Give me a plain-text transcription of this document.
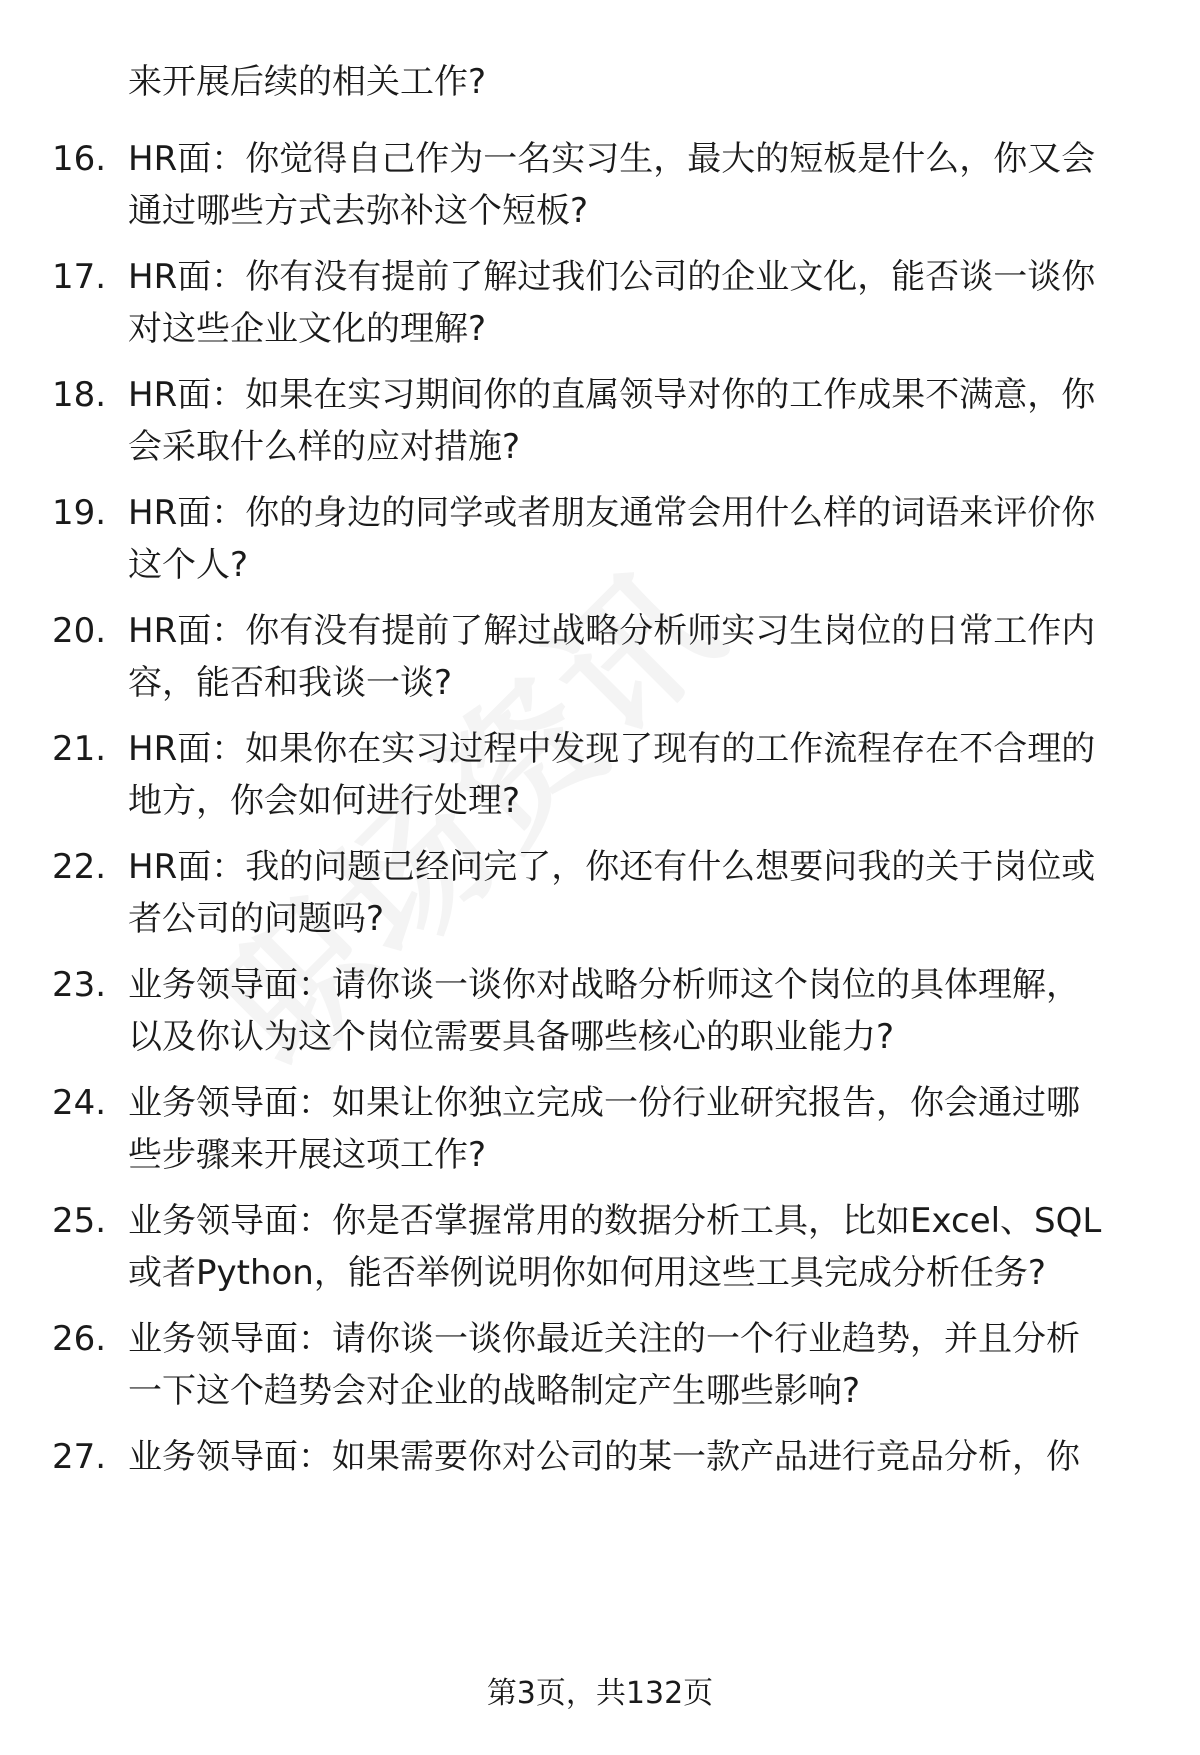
来开展后续的相关工作?
16. HR面：你觉得自己作为一名实习生，最大的短板是什么，你又会
通过哪些方式去弥补这个短板?
17. HR面：你有没有提前了解过我们公司的企业文化，能否谈一谈你
对这些企业文化的理解?
18. HR面：如果在实习期间你的直属领导对你的工作成果不满意，你
会采取什么样的应对措施?
19. HR面：你的身边的同学或者朋友通常会用什么样的词语来评价你
这个人?
20. HR面：你有没有提前了解过战略分析师实习生岗位的日常工作内
容，能否和我谈一谈?
21. HR面：如果你在实习过程中发现了现有的工作流程存在不合理的
地方，你会如何进行处理?
22. HR面：我的问题已经问完了，你还有什么想要问我的关于岗位或
者公司的问题吗?
23. 业务领导面：请你谈一谈你对战略分析师这个岗位的具体理解，
以及你认为这个岗位需要具备哪些核心的职业能力?
24. 业务领导面：如果让你独立完成一份行业研究报告，你会通过哪
些步骤来开展这项工作?
25. 业务领导面：你是否掌握常用的数据分析工具，比如Excel、SQL
或者Python，能否举例说明你如何用这些工具完成分析任务?
26. 业务领导面：请你谈一谈你最近关注的一个行业趋势，并且分析
一下这个趋势会对企业的战略制定产生哪些影响?
27. 业务领导面：如果需要你对公司的某一款产品进行竞品分析，你
第3页，共132页
